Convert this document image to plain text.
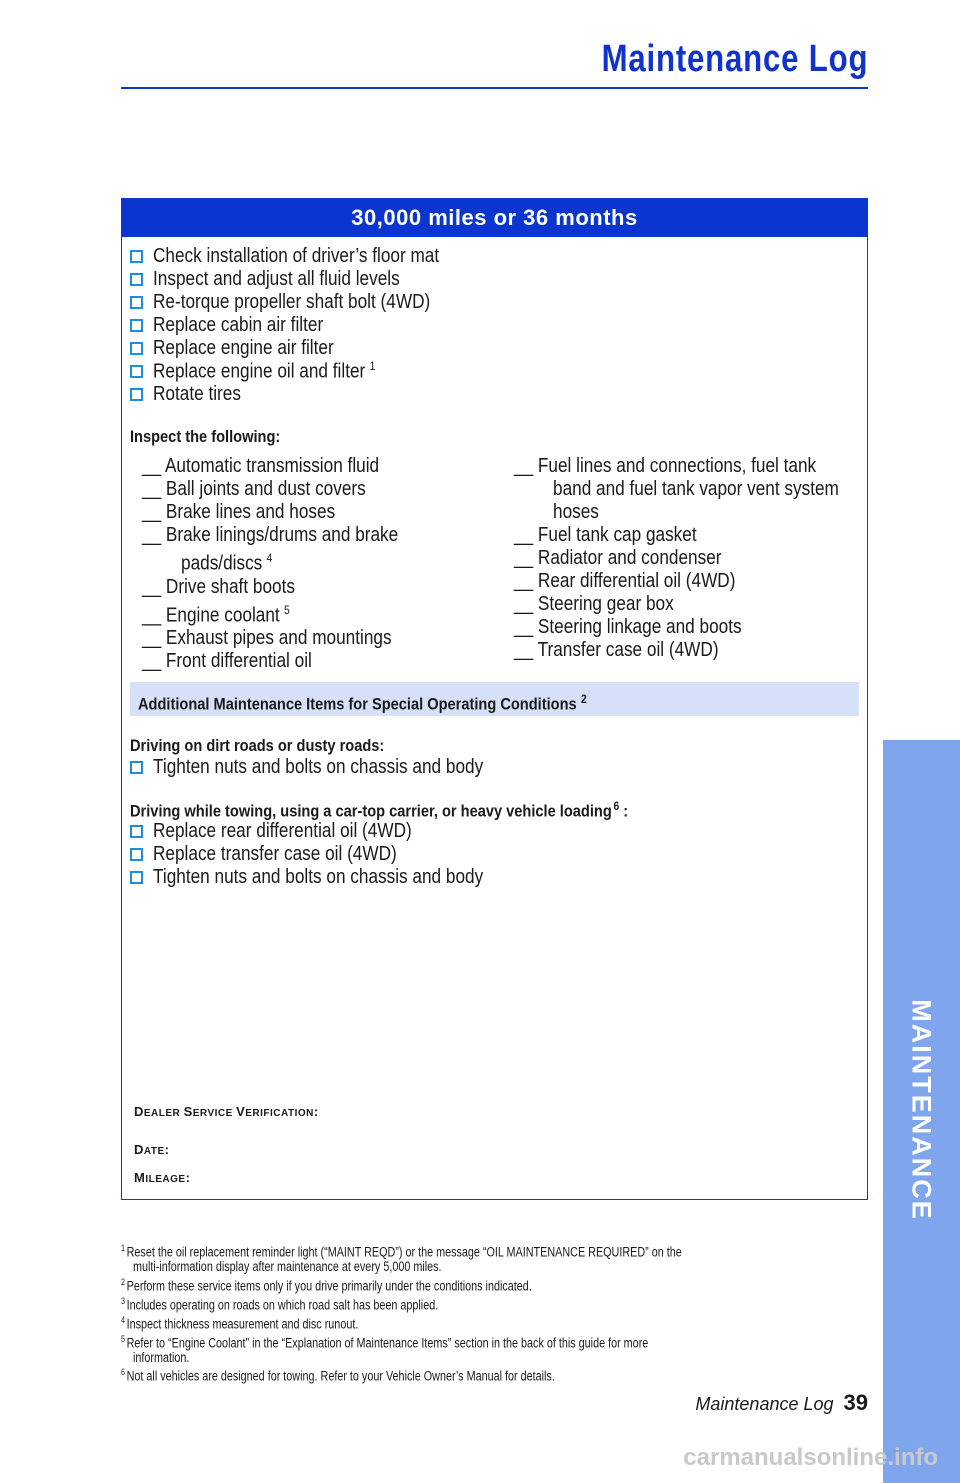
Maintenance Log
30,000 miles or 36 months
Check installation of driver’s floor mat
Inspect and adjust all fluid levels
Re-torque propeller shaft bolt (4WD)
Replace cabin air filter
Replace engine air filter
Replace engine oil and filter $^1$
Rotate tires
Inspect the following:
__ Automatic transmission fluid
__ Ball joints and dust covers
__ Brake lines and hoses
__ Brake linings/drums and brake
pads/discs $^4$
__ Drive shaft boots
__ Engine coolant $^5$
__ Exhaust pipes and mountings
__ Front differential oil
__ Fuel lines and connections, fuel tank
band and fuel tank vapor vent system
hoses
__ Fuel tank cap gasket
__ Radiator and condenser
__ Rear differential oil (4WD)
__ Steering gear box
__ Steering linkage and boots
__ Transfer case oil (4WD)
Additional Maintenance Items for Special Operating Conditions $^2$
Driving on dirt roads or dusty roads:
Tighten nuts and bolts on chassis and body
Driving while towing, using a car-top carrier, or heavy vehicle loading $^6$ :
Replace rear differential oil (4WD)
Replace transfer case oil (4WD)
Tighten nuts and bolts on chassis and body
DEALER SERVICE VERIFICATION:
DATE:
MILEAGE:
$^1$ Reset the oil replacement reminder light (“MAINT REQD”) or the message “OIL MAINTENANCE REQUIRED” on the
multi-information display after maintenance at every 5,000 miles.
$^2$ Perform these service items only if you drive primarily under the conditions indicated.
$^3$ Includes operating on roads on which road salt has been applied.
$^4$ Inspect thickness measurement and disc runout.
$^5$ Refer to “Engine Coolant” in the “Explanation of Maintenance Items” section in the back of this guide for more
information.
$^6$ Not all vehicles are designed for towing. Refer to your Vehicle Owner’s Manual for details.
MAINTENANCE
Maintenance Log 39
carmanualsonline.info
